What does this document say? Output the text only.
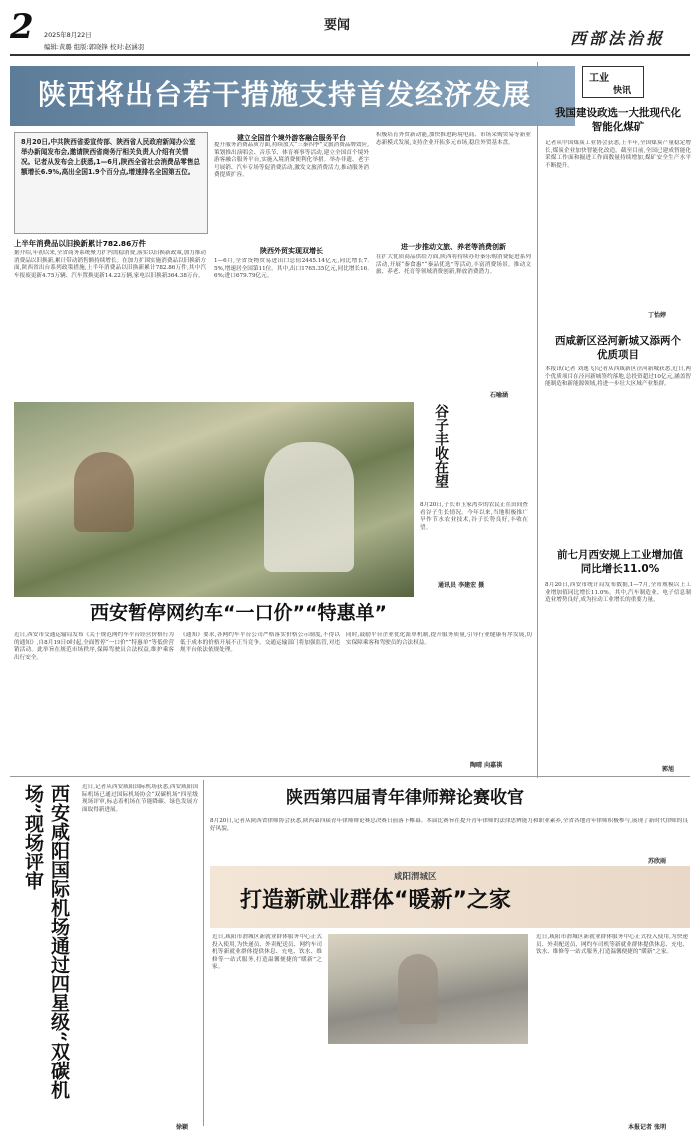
2 2025年8月22日
要闻
编辑:黄璐 组版:郭晓锋 校对:赵涵羽	西部法治报
陕西将出台若干措施支持首发经济发展
8月20日,中共陕西省委宣传部、陕西省人民政府新闻办公室举办新闻发布会,邀请陕西省商务厅相关负责人介绍有关情况。记者从发布会上获悉,1—6月,陕西全省社会消费品零售总额增长6.9%,高出全国1.9个百分点,增速排名全国第五位。
上半年消费品以旧换新累计782.86万件
据介绍,年初以来,全省商务系统聚力扩内需稳消费,落实以旧换新政策,加力推动消费品以旧换新,累计带动销售额持续增长。在加力扩围实施消费品以旧换新方面,陕西省出台系列政策措施,上半年消费品以旧换新累计782.86万件,其中汽车报废更新4.75万辆、汽车置换更新14.22万辆,家电以旧换新364.38万台。
建立全国首个境外游客融合服务平台
提升服务消费品质方面,持续放大“三秦四季”文旅消费品牌效应,策划推出演唱会、音乐节、体育赛事等活动,建立全国首个境外游客融合服务平台,实施入境消费便利化举措。举办非遗、老字号展销、汽车专场等促消费活动,激发文旅消费活力,推动服务消费提质扩容。
陕西外贸实现双增长
1—6月,全省货物贸易进出口总值2445.14亿元,同比增长7.5%,增速居全国第11位。其中,出口1765.35亿元,同比增长16.6%;进口679.79亿元。
积极培育外贸新动能,加快推进跨境电商、市场采购贸易等新业态新模式发展,支持企业开拓多元市场,稳住外贸基本盘。
进一步推动文旅、养老等消费创新
在扩大优质商品供给方面,陕西将持续办好秦乐购消费促进系列活动,开展“秦食惠”“秦品优选”等活动,丰富消费场景。推动文旅、养老、托育等领域消费创新,释放消费潜力。
石喻涵
谷子丰收在望
8月20日,子长市玉家湾乡的农民正在田间查看谷子生长情况。今年以来,当地积极推广旱作节水农业技术,谷子长势良好,丰收在望。
通讯员 李建宏 摄
西安暂停网约车“一口价”“特惠单”
近日,西安市交通运输局发布《关于规范网约车平台经营价格行为的通知》,自8月19日0时起,全面暂停“一口价”“特惠单”等低价营销活动。此举旨在规范市场秩序,保障驾驶员合法权益,维护乘客出行安全。
《通知》要求,各网约车平台公司严格落实价格公示制度,不得以低于成本的价格开展不正当竞争。交通运输部门将加强监管,对违规平台依法依规处理。
同时,鼓励平台企业优化派单机制,提升服务质量,引导行业健康有序发展,切实保障乘客和驾驶员的合法权益。
陶晴 向嘉祺
工业
快讯
我国建设政选一大批现代化智能化煤矿
记者从中国煤炭工业协会获悉,上半年,全国煤炭产量稳定增长,煤炭企业加快智能化改造。截至目前,全国已建成智能化采煤工作面和掘进工作面数量持续增加,煤矿安全生产水平不断提升。
丁怡婷
西咸新区泾河新城又添两个优质项目
本报讯(记者 刘逸飞)记者从西咸新区泾河新城获悉,近日,两个优质项目在泾河新城签约落地,总投资超过10亿元,涵盖智能制造和新能源领域,将进一步壮大区域产业集群。
前七月西安规上工业增加值同比增长11.0%
8月20日,西安市统计局发布数据,1—7月,全市规模以上工业增加值同比增长11.0%。其中,汽车制造业、电子信息制造业增势良好,成为拉动工业增长的重要力量。
郭旭
西安咸阳国际机场通过四星级“双碳机场”现场评审	近日,记者从西安咸阳国际机场获悉,西安咸阳国际机场已通过国际机场协会“双碳机场”四星级现场评审,标志着机场在节能降碳、绿色发展方面取得新进展。
徐颖
陕西第四届青年律师辩论赛收官
8月20日,记者从陕西省律师协会获悉,陕西第四届青年律师辩论赛总决赛日前落下帷幕。本届比赛旨在提升青年律师的法律思辨能力和职业素养,全省各地青年律师积极参与,展现了新时代律师的良好风貌。
苏欣雨
咸阳渭城区
打造新就业群体“暖新”之家
近日,咸阳市渭城区新就业群体服务中心正式投入使用,为快递员、外卖配送员、网约车司机等新就业群体提供休息、充电、饮水、维修等一站式服务,打造温馨便捷的“暖新”之家。
近日,咸阳市渭城区新就业群体服务中心正式投入使用,为快递员、外卖配送员、网约车司机等新就业群体提供休息、充电、饮水、维修等一站式服务,打造温馨便捷的“暖新”之家。
本报记者 张明
